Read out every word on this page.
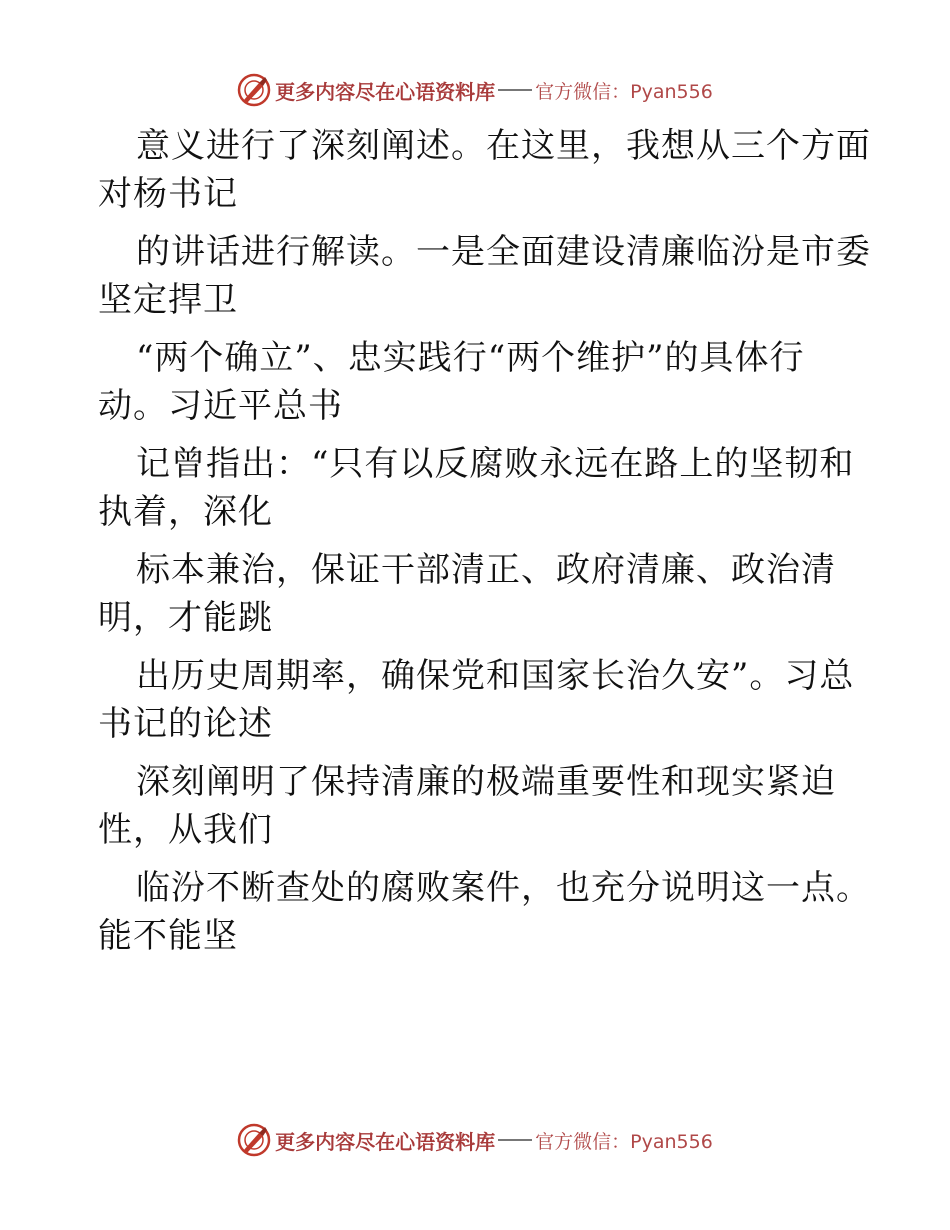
更多内容尽在心语资料库 官方微信：Pyan556
意义进行了深刻阐述。在这里，我想从三个方面
对杨书记
的讲话进行解读。一是全面建设清廉临汾是市委
坚定捍卫
“两个确立”、忠实践行“两个维护”的具体行
动。习近平总书
记曾指出：“只有以反腐败永远在路上的坚韧和
执着，深化
标本兼治，保证干部清正、政府清廉、政治清
明，才能跳
出历史周期率，确保党和国家长治久安”。习总
书记的论述
深刻阐明了保持清廉的极端重要性和现实紧迫
性，从我们
临汾不断查处的腐败案件，也充分说明这一点。
能不能坚
更多内容尽在心语资料库 官方微信：Pyan556
